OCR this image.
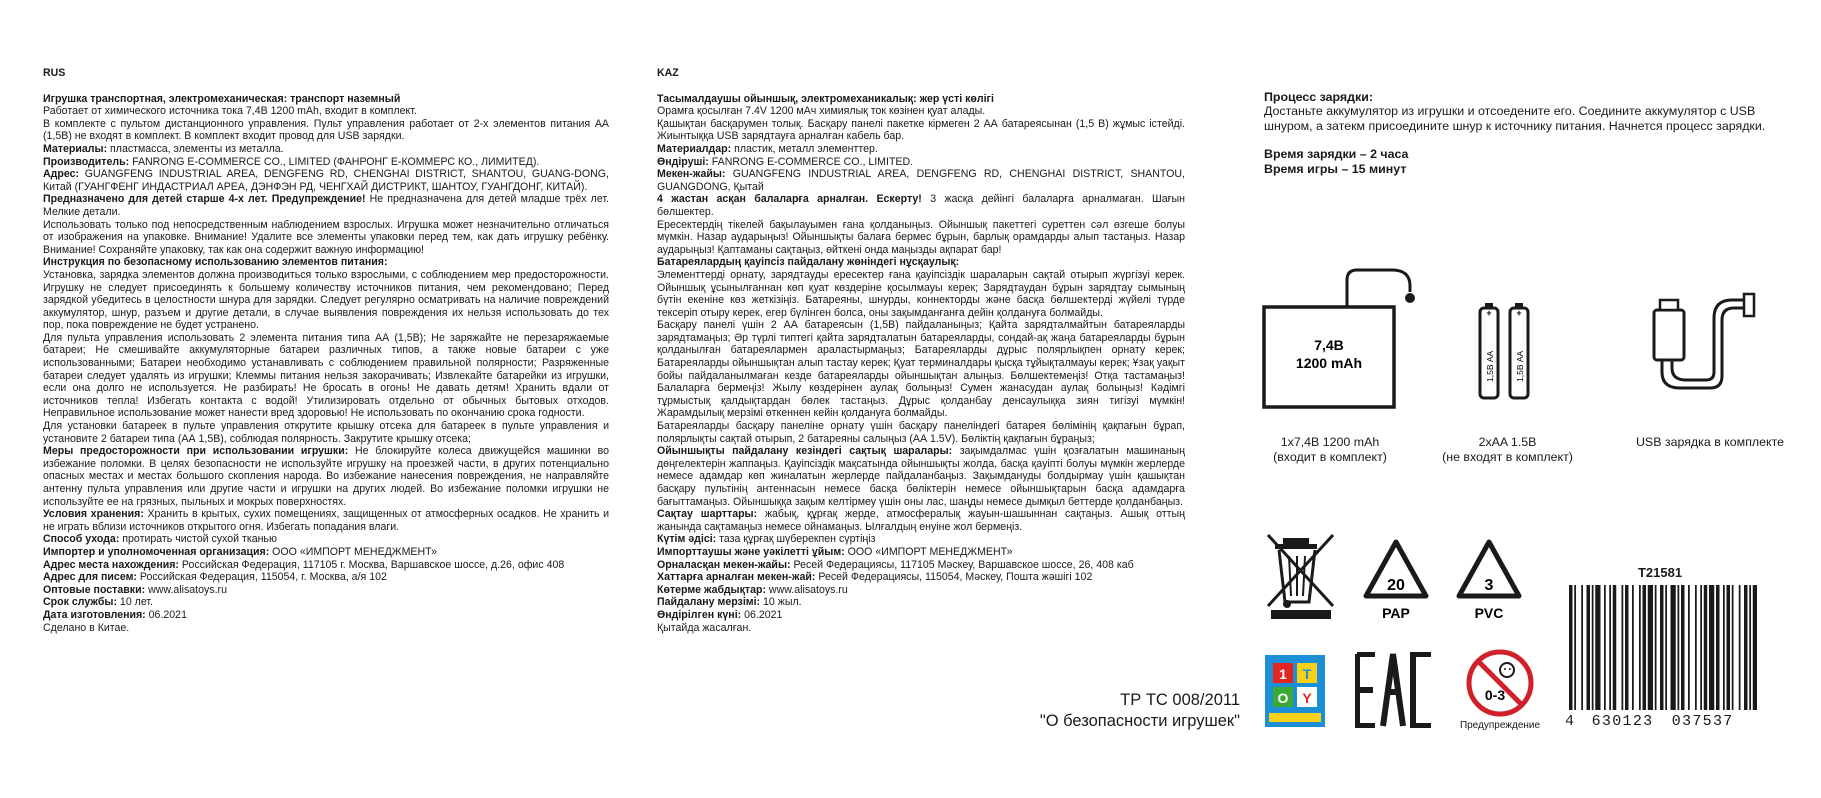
RUS

Игрушка транспортная, электромеханическая: транспорт наземный

Работает от химического источника тока 7,4В 1200 mAh, входит в комплект.

В комплекте с пультом дистанционного управления. Пульт управления работает от 2-х элементов питания АА (1,5В) не входят в комплект. В комплект входит провод для USB зарядки.

Материалы: пластмасса, элементы из металла.

Производитель: FANRONG E-COMMERCE CO., LIMITED (ФАНРОНГ Е-КОММЕРС КО., ЛИМИТЕД).

Адрес: GUANGFENG INDUSTRIAL AREA, DENGFENG RD, CHENGHAI DISTRICT, SHANTOU, GUANG-DONG, Китай (ГУАНГФЕНГ ИНДАСТРИАЛ АРЕА, ДЭНФЭН РД, ЧЕНГХАЙ ДИСТРИКТ, ШАНТОУ, ГУАНГДОНГ, КИТАЙ).

Предназначено для детей старше 4-х лет. Предупреждение! Не предназначена для детей младше трёх лет. Мелкие детали.

Использовать только под непосредственным наблюдением взрослых. Игрушка может незначительно отличаться от изображения на упаковке. Внимание! Удалите все элементы упаковки перед тем, как дать игрушку ребёнку. Внимание! Сохраняйте упаковку, так как она содержит важную информацию!

Инструкция по безопасному использованию элементов питания:

Установка, зарядка элементов должна производиться только взрослыми, с соблюдением мер предосторожности. Игрушку не следует присоединять к большему количеству источников питания, чем рекомендовано; Перед зарядкой убедитесь в целостности шнура для зарядки. Следует регулярно осматривать на наличие повреждений аккумулятор, шнур, разъем и другие детали, в случае выявления повреждения их нельзя использовать до тех пор, пока повреждение не будет устранено.

Для пульта управления использовать 2 элемента питания типа АА (1,5В); Не заряжайте не перезаряжаемые батареи; Не смешивайте аккумуляторные батареи различных типов, а также новые батареи с уже использованными; Батареи необходимо устанавливать с соблюдением правильной полярности; Разряженные батареи следует удалять из игрушки; Клеммы питания нельзя закорачивать; Извлекайте батарейки из игрушки, если она долго не используется. Не разбирать! Не бросать в огонь! Не давать детям! Хранить вдали от источников тепла! Избегать контакта с водой! Утилизировать отдельно от обычных бытовых отходов. Неправильное использование может нанести вред здоровью! Не использовать по окончанию срока годности.

Для установки батареек в пульте управления открутите крышку отсека для батареек в пульте управления и установите 2 батареи типа (АА 1,5В), соблюдая полярность. Закрутите крышку отсека;

Меры предосторожности при использовании игрушки: Не блокируйте колеса движущейся машинки во избежание поломки. В целях безопасности не используйте игрушку на проезжей части, в других потенциально опасных местах и местах большого скопления народа. Во избежание нанесения повреждения, не направляйте антенну пульта управления или другие части и игрушки на других людей. Во избежание поломки игрушки не используйте ее на грязных, пыльных и мокрых поверхностях.

Условия хранения: Хранить в крытых, сухих помещениях, защищенных от атмосферных осадков. Не хранить и не играть вблизи источников открытого огня. Избегать попадания влаги.

Способ ухода: протирать чистой сухой тканью

Импортер и уполномоченная организация: ООО «ИМПОРТ МЕНЕДЖМЕНТ»

Адрес места нахождения: Российская Федерация, 117105 г. Москва, Варшавское шоссе, д.26, офис 408

Адрес для писем: Российская Федерация, 115054, г. Москва, а/я 102

Оптовые поставки: www.alisatoys.ru

Срок службы: 10 лет.

Дата изготовления: 06.2021

Сделано в Китае.

KAZ

Тасымалдаушы ойыншық, электромеханикалық: жер үсті көлігі

Орамға қосылған 7.4V 1200 мАч химиялық ток көзінен қуат алады.

Қашықтан басқарумен толық. Басқару панелі пакетке кірмеген 2 АА батареясынан (1,5 В) жұмыс істейді. Жиынтыққа USB зарядтауға арналған кабель бар.

Материалдар: пластик, металл элементтер.

Өндіруші: FANRONG E-COMMERCE CO., LIMITED.

Мекен-жайы: GUANGFENG INDUSTRIAL AREA, DENGFENG RD, CHENGHAI DISTRICT, SHANTOU, GUANGDONG, Қытай

4 жастан асқан балаларға арналған. Ескерту! 3 жасқа дейінгі балаларға арналмаған. Шағын бөлшектер.

Ересектердің тікелей бақылауымен ғана қолданыңыз. Ойыншық пакеттегі суреттен сәл өзгеше болуы мүмкін. Назар аударыңыз! Ойыншықты балаға бермес бұрын, барлық орамдарды алып тастаңыз. Назар аударыңыз! Қаптаманы сақтаңыз, өйткені онда маңызды ақпарат бар!

Батареялардың қауіпсіз пайдалану жөніндегі нұсқаулық:

Элементтерді орнату, зарядтауды ересектер ғана қауіпсіздік шараларын сақтай отырып жүргізуі керек. Ойыншық ұсынылғаннан көп қуат көздеріне қосылмауы керек; Зарядтаудан бұрын зарядтау сымының бүтін екеніне көз жеткізіңіз. Батареяны, шнурды, коннекторды және басқа бөлшектерді жүйелі түрде тексеріп отыру керек, егер бүлінген болса, оны зақымданғанға дейін қолдануға болмайды.

Басқару панелі үшін 2 АА батареясын (1,5В) пайдаланыңыз; Қайта зарядталмайтын батареяларды зарядтамаңыз; Әр түрлі типтегі қайта зарядталатын батареяларды, сондай-ақ жаңа батареяларды бұрын қолданылған батареялармен араластырмаңыз; Батареяларды дұрыс полярлықпен орнату керек; Батареяларды ойыншықтан алып тастау керек; Қуат терминалдары қысқа тұйықталмауы керек; Ұзақ уақыт бойы пайдаланылмаған кезде батареяларды ойыншықтан алыңыз. Бөлшектемеңіз! Отқа тастамаңыз! Балаларға бермеңіз! Жылу көздерінен аулақ болыңыз! Сумен жанасудан аулақ болыңыз! Кәдімгі тұрмыстық қалдықтардан бөлек тастаңыз. Дұрыс қолданбау денсаулыққа зиян тигізуі мүмкін! Жарамдылық мерзімі өткеннен кейін қолдануға болмайды.

Батареяларды басқару панеліне орнату үшін басқару панеліндегі батарея бөлімінің қақпағын бұрап, полярлықты сақтай отырып, 2 батареяны салыңыз (АА 1.5V). Бөліктің қақпағын бұраңыз;

Ойыншықты пайдалану кезіндегі сақтық шаралары: зақымдалмас үшін қозғалатын машинаның дөңгелектерін жаппаңыз. Қауіпсіздік мақсатында ойыншықты жолда, басқа қауіпті болуы мүмкін жерлерде немесе адамдар көп жиналатын жерлерде пайдаланбаңыз. Зақымдануды болдырмау үшін қашықтан басқару пультінің антеннасын немесе басқа бөліктерін немесе ойыншықтарын басқа адамдарға бағыттамаңыз. Ойыншыққа зақым келтірмеу үшін оны лас, шаңды немесе дымқыл беттерде қолданбаңыз.

Сақтау шарттары: жабық, құрғақ жерде, атмосфералық жауын-шашыннан сақтаңыз. Ашық оттың жанында сақтамаңыз немесе ойнамаңыз. Ылғалдың енуіне жол бермеңіз.

Күтім әдісі: таза құрғақ шүберекпен сүртіңіз

Импорттаушы және уәкілетті ұйым: ООО «ИМПОРТ МЕНЕДЖМЕНТ»

Орналасқан мекен-жайы: Ресей Федерациясы, 117105 Мәскеу, Варшавское шоссе, 26, 408 каб

Хаттарға арналған мекен-жай: Ресей Федерациясы, 115054, Мәскеу, Пошта жәшігі 102

Көтерме жабдықтар: www.alisatoys.ru

Пайдалану мерзімі: 10 жыл.

Өндірілген күні: 06.2021

Қытайда жасалған.

Процесс зарядки:

Достаньте аккумулятор из игрушки и отсоедените его. Соедините аккумулятор с USB шнуром, а затекм присоедините шнур к источнику питания. Начнется процесс зарядки.

Время зарядки – 2 часа

Время игры – 15 минут

7,4В
1200 mAh
1x7,4В 1200 mAh
(входит в комплект)
+	+
1,5В AA 1,5В AA
2xAA 1.5В
(не входят в комплект)
USB зарядка в комплекте
20
PAP
3
PVC
1 T
O Y	0-3
Предупреждение
ТР ТС 008/2011
"О безопасности игрушек"
T21581
4 630123 037537
